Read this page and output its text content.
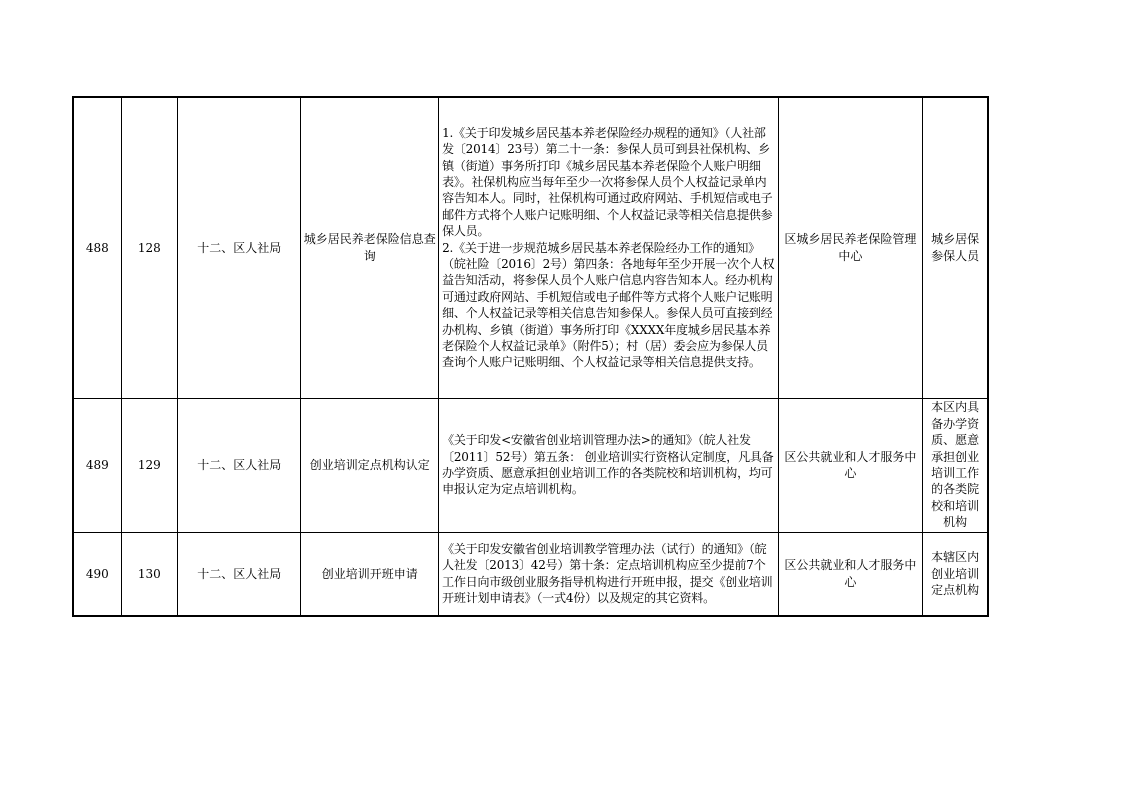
488	128	十二、区人社局	城乡居民养老保险信息查询	1.《关于印发城乡居民基本养老保险经办规程的通知》（人社部发〔2014〕23号）第二十一条：参保人员可到县社保机构、乡镇（街道）事务所打印《城乡居民基本养老保险个人账户明细表》。社保机构应当每年至少一次将参保人员个人权益记录单内容告知本人。同时，社保机构可通过政府网站、手机短信或电子邮件方式将个人账户记账明细、个人权益记录等相关信息提供参保人员。
2.《关于进一步规范城乡居民基本养老保险经办工作的通知》（皖社险〔2016〕2号）第四条：各地每年至少开展一次个人权益告知活动，将参保人员个人账户信息内容告知本人。经办机构可通过政府网站、手机短信或电子邮件等方式将个人账户记账明细、个人权益记录等相关信息告知参保人。参保人员可直接到经办机构、乡镇（街道）事务所打印《XXXX年度城乡居民基本养老保险个人权益记录单》（附件5）；村（居）委会应为参保人员查询个人账户记账明细、个人权益记录等相关信息提供支持。	区城乡居民养老保险管理中心	城乡居保参保人员
489	129	十二、区人社局	创业培训定点机构认定	《关于印发<安徽省创业培训管理办法>的通知》（皖人社发〔2011〕52号）第五条： 创业培训实行资格认定制度，凡具备办学资质、愿意承担创业培训工作的各类院校和培训机构，均可申报认定为定点培训机构。	区公共就业和人才服务中心	本区内具备办学资质、愿意承担创业培训工作的各类院校和培训机构
490	130	十二、区人社局	创业培训开班申请	《关于印发安徽省创业培训教学管理办法（试行）的通知》（皖人社发〔2013〕42号）第十条：定点培训机构应至少提前7个工作日向市级创业服务指导机构进行开班申报，提交《创业培训开班计划申请表》（一式4份）以及规定的其它资料。	区公共就业和人才服务中心	本辖区内创业培训定点机构
